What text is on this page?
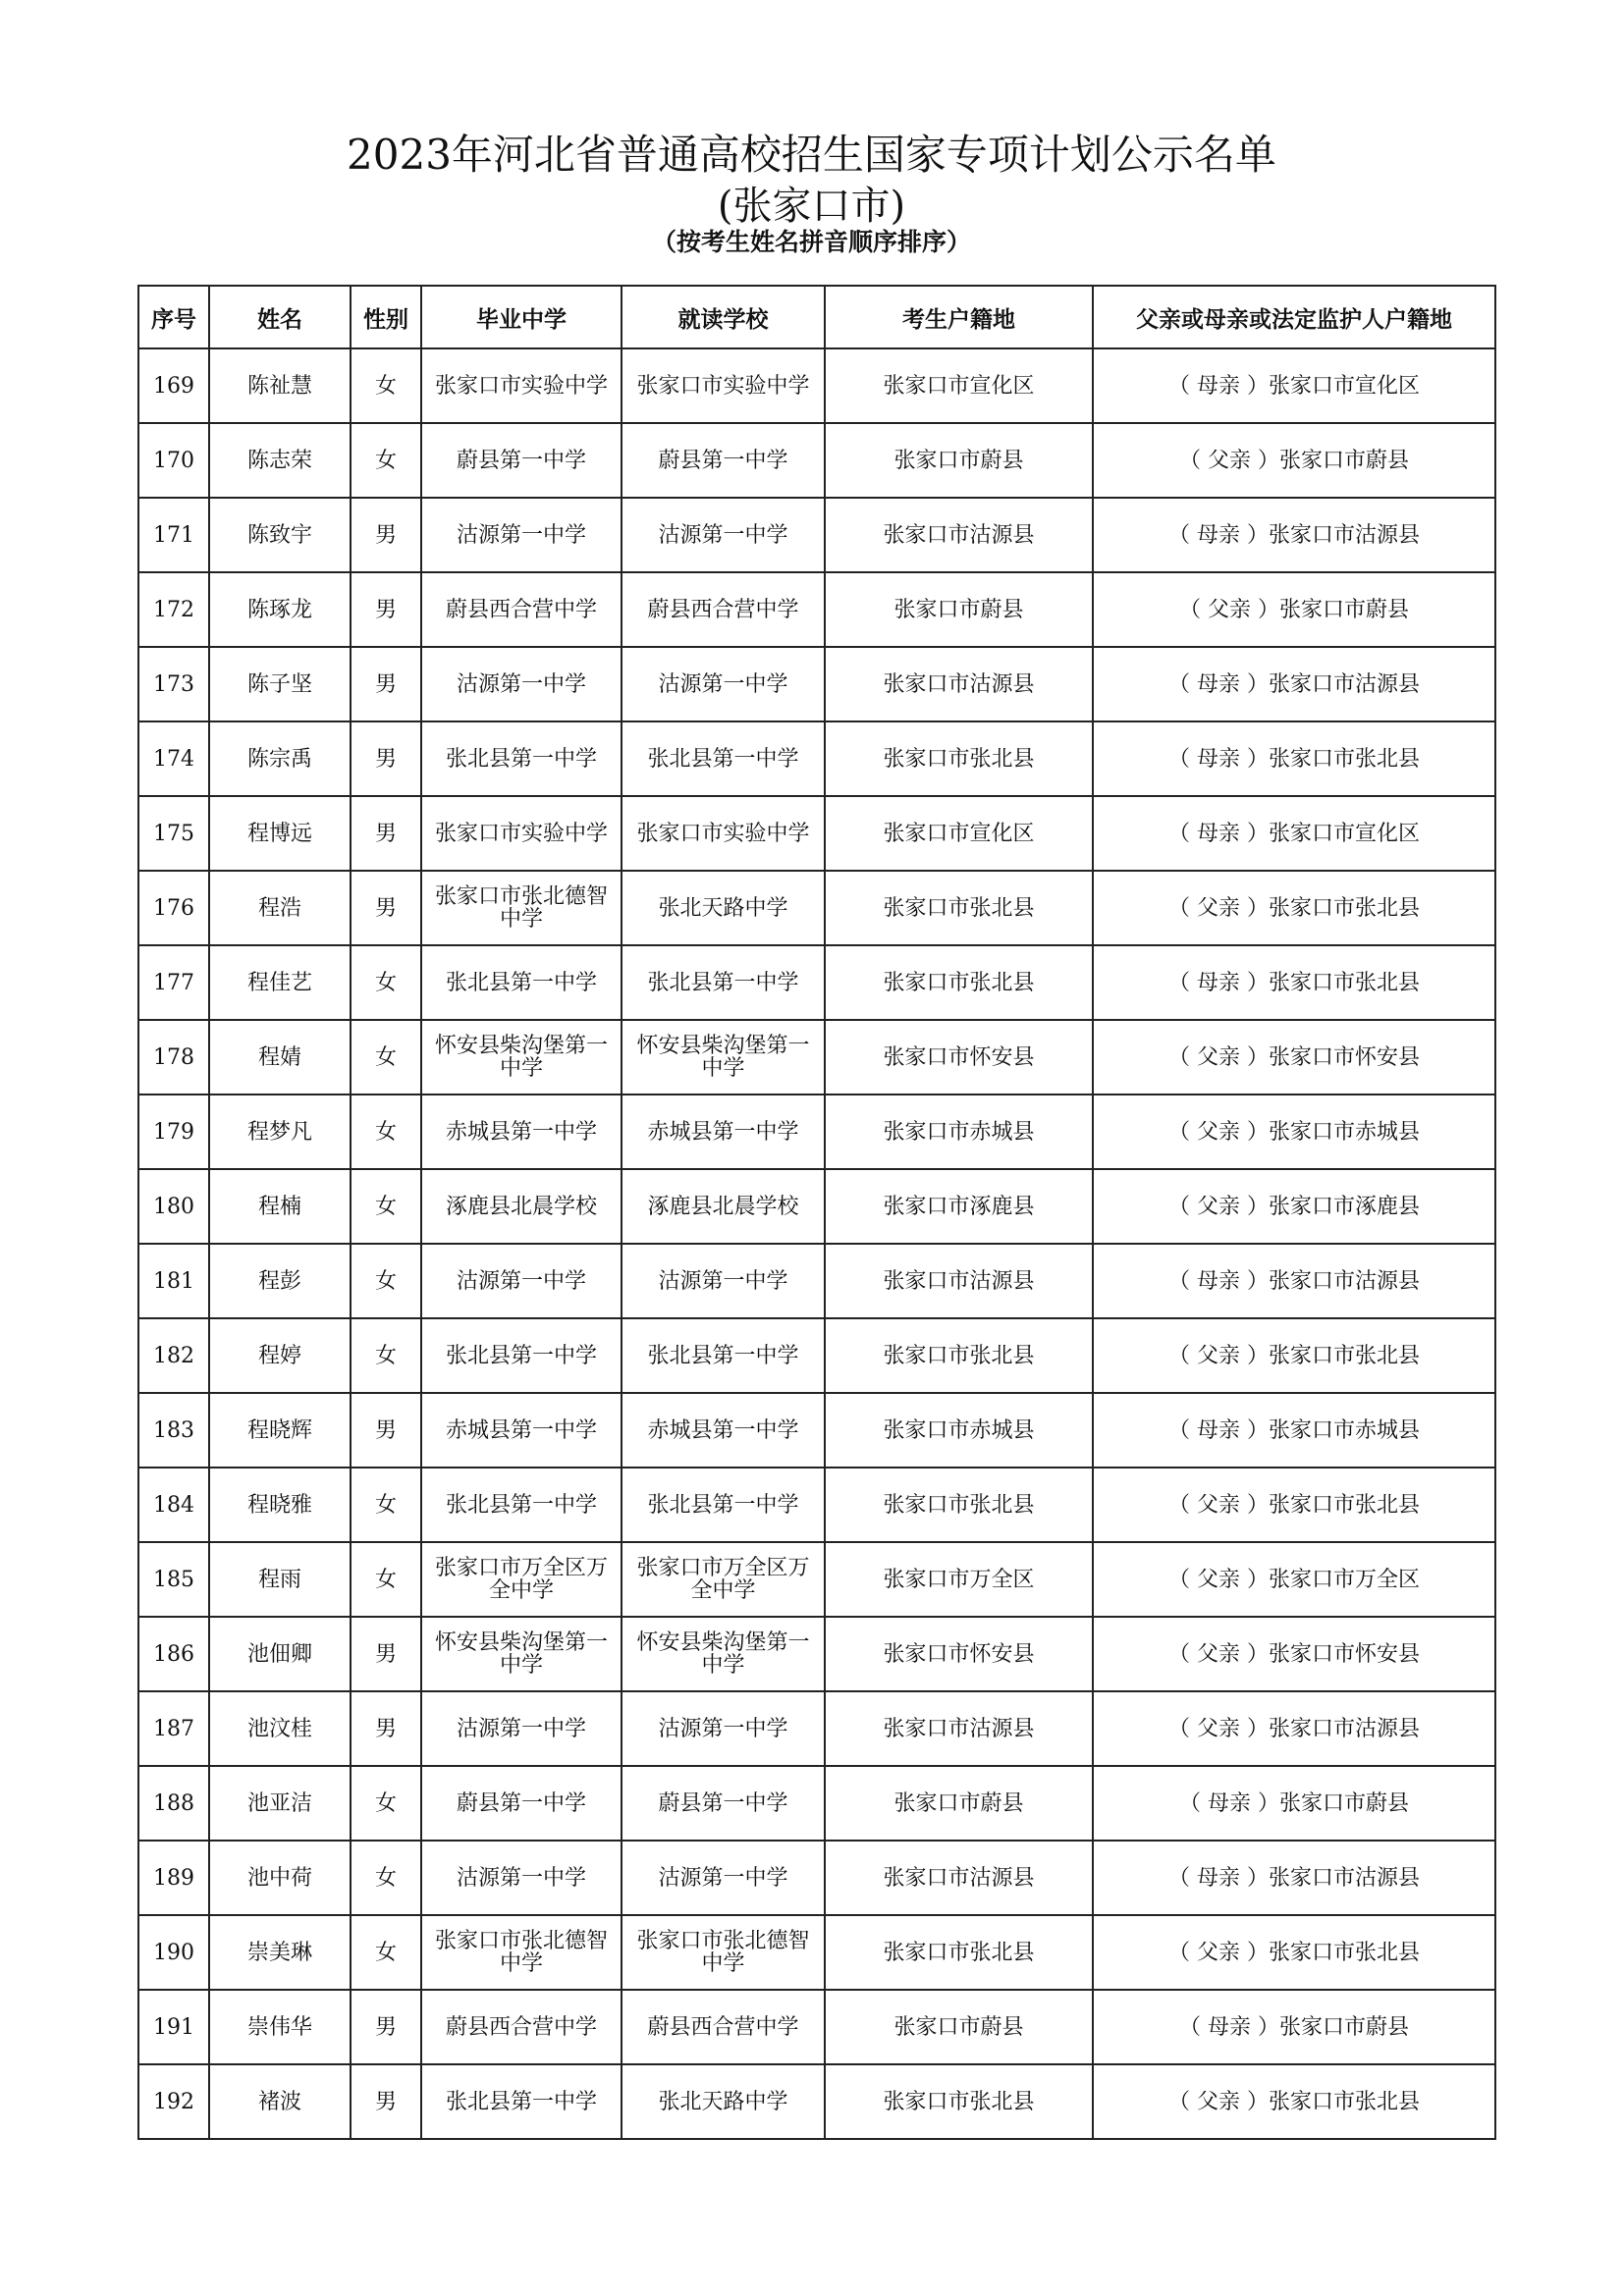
2023年河北省普通高校招生国家专项计划公示名单
(张家口市)
（按考生姓名拼音顺序排序）
序号	姓名	性别	毕业中学	就读学校	考生户籍地	父亲或母亲或法定监护人户籍地
169	陈祉慧	女	张家口市实验中学	张家口市实验中学	张家口市宣化区	（ 母亲 ）张家口市宣化区
170	陈志荣	女	蔚县第一中学	蔚县第一中学	张家口市蔚县	（ 父亲 ）张家口市蔚县
171	陈致宇	男	沽源第一中学	沽源第一中学	张家口市沽源县	（ 母亲 ）张家口市沽源县
172	陈琢龙	男	蔚县西合营中学	蔚县西合营中学	张家口市蔚县	（ 父亲 ）张家口市蔚县
173	陈子坚	男	沽源第一中学	沽源第一中学	张家口市沽源县	（ 母亲 ）张家口市沽源县
174	陈宗禹	男	张北县第一中学	张北县第一中学	张家口市张北县	（ 母亲 ）张家口市张北县
175	程博远	男	张家口市实验中学	张家口市实验中学	张家口市宣化区	（ 母亲 ）张家口市宣化区
176	程浩	男	张家口市张北德智中学	张北天路中学	张家口市张北县	（ 父亲 ）张家口市张北县
177	程佳艺	女	张北县第一中学	张北县第一中学	张家口市张北县	（ 母亲 ）张家口市张北县
178	程婧	女	怀安县柴沟堡第一中学	怀安县柴沟堡第一中学	张家口市怀安县	（ 父亲 ）张家口市怀安县
179	程梦凡	女	赤城县第一中学	赤城县第一中学	张家口市赤城县	（ 父亲 ）张家口市赤城县
180	程楠	女	涿鹿县北晨学校	涿鹿县北晨学校	张家口市涿鹿县	（ 父亲 ）张家口市涿鹿县
181	程彭	女	沽源第一中学	沽源第一中学	张家口市沽源县	（ 母亲 ）张家口市沽源县
182	程婷	女	张北县第一中学	张北县第一中学	张家口市张北县	（ 父亲 ）张家口市张北县
183	程晓辉	男	赤城县第一中学	赤城县第一中学	张家口市赤城县	（ 母亲 ）张家口市赤城县
184	程晓雅	女	张北县第一中学	张北县第一中学	张家口市张北县	（ 父亲 ）张家口市张北县
185	程雨	女	张家口市万全区万全中学	张家口市万全区万全中学	张家口市万全区	（ 父亲 ）张家口市万全区
186	池佃卿	男	怀安县柴沟堡第一中学	怀安县柴沟堡第一中学	张家口市怀安县	（ 父亲 ）张家口市怀安县
187	池汶桂	男	沽源第一中学	沽源第一中学	张家口市沽源县	（ 父亲 ）张家口市沽源县
188	池亚洁	女	蔚县第一中学	蔚县第一中学	张家口市蔚县	（ 母亲 ）张家口市蔚县
189	池中荷	女	沽源第一中学	沽源第一中学	张家口市沽源县	（ 母亲 ）张家口市沽源县
190	崇美琳	女	张家口市张北德智中学	张家口市张北德智中学	张家口市张北县	（ 父亲 ）张家口市张北县
191	崇伟华	男	蔚县西合营中学	蔚县西合营中学	张家口市蔚县	（ 母亲 ）张家口市蔚县
192	褚波	男	张北县第一中学	张北天路中学	张家口市张北县	（ 父亲 ）张家口市张北县
